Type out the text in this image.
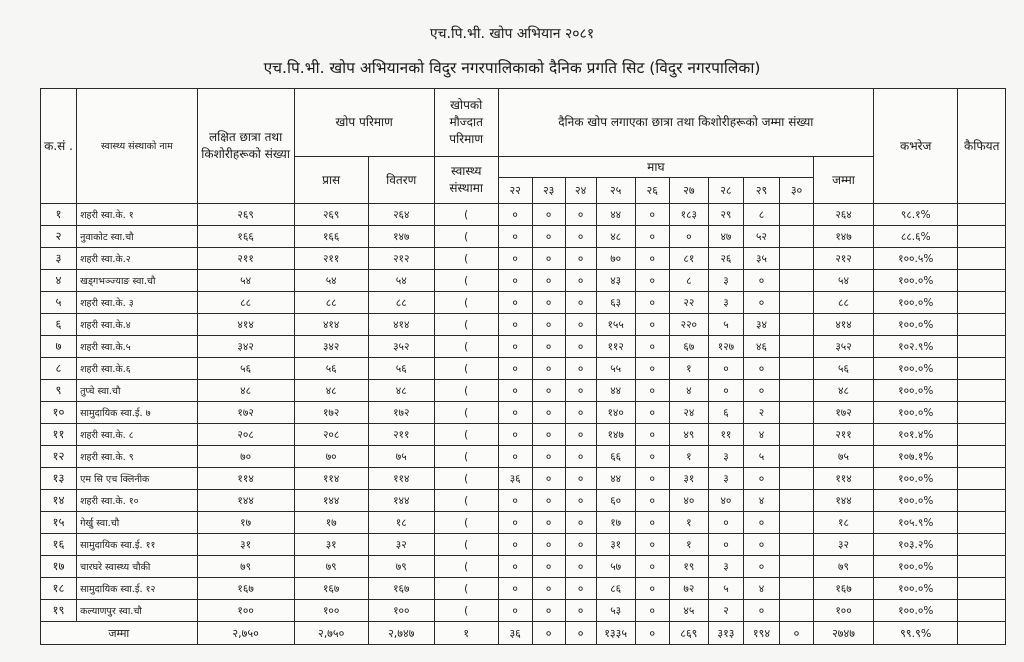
एच.पि.भी. खोप अभियान २०८१
एच.पि.भी. खोप अभियानको विदुर नगरपालिकाको दैनिक प्रगति सिट (विदुर नगरपालिका)
क.सं .	स्वास्थ्य संस्थाको नाम	लक्षित छात्रा तथा किशोरीहरूको संख्या	खोप परिमाण		खोपको मौज्दात परिमाण	दैनिक खोप लगाएका छात्रा तथा किशोरीहरूको जम्मा संख्या										कभरेज	कैफियत
			प्रास	वितरण	स्वास्थ्य संस्थामा	माघ									जम्मा		
						२२	२३	२४	२५	२६	२७	२८	२९	३०			
१	शहरी स्वा.के. १	२६९	२६९	२६४	(	०	०	०	४४	०	१८३	२९	८		२६४	९८.१%	
२	नुवाकोट स्वा.चौ	१६६	१६६	१४७	(	०	०	०	४८	०	०	४७	५२		१४७	८८.६%	
३	शहरी स्वा.के.२	२११	२११	२१२	(	०	०	०	७०	०	८१	२६	३५		२१२	१००.५%	
४	खड्गभञ्ज्याङ स्वा.चौ	५४	५४	५४	(	०	०	०	४३	०	८	३	०		५४	१००.०%	
५	शहरी स्वा.के. ३	८८	८८	८८	(	०	०	०	६३	०	२२	३	०		८८	१००.०%	
६	शहरी स्वा.के.४	४१४	४१४	४१४	(	०	०	०	१५५	०	२२०	५	३४		४१४	१००.०%	
७	शहरी स्वा.के.५	३४२	३४२	३५२	(	०	०	०	११२	०	६७	१२७	४६		३५२	१०२.९%	
८	शहरी स्वा.के.६	५६	५६	५६	(	०	०	०	५५	०	१	०	०		५६	१००.०%	
९	तुप्चे स्वा.चौ	४८	४८	४८	(	०	०	०	४४	०	४	०	०		४८	१००.०%	
१०	सामुदायिक स्वा.ई. ७	१७२	१७२	१७२	(	०	०	०	१४०	०	२४	६	२		१७२	१००.०%	
११	शहरी स्वा.के. ८	२०८	२०८	२११	(	०	०	०	१४७	०	४९	११	४		२११	१०१.४%	
१२	शहरी स्वा.के. ९	७०	७०	७५	(	०	०	०	६६	०	१	३	५		७५	१०७.१%	
१३	एम सि एच क्लिनीक	११४	११४	११४	(	३६	०	०	४४	०	३१	३	०		११४	१००.०%	
१४	शहरी स्वा.के. १०	१४४	१४४	१४४	(	०	०	०	६०	०	४०	४०	४		१४४	१००.०%	
१५	गेर्खु स्वा.चौ	१७	१७	१८	(	०	०	०	१७	०	१	०	०		१८	१०५.९%	
१६	सामुदायिक स्वा.ई. ११	३१	३१	३२	(	०	०	०	३१	०	१	०	०		३२	१०३.२%	
१७	चारघरे स्वास्थ्य चौकी	७९	७९	७९	(	०	०	०	५७	०	१९	३	०		७९	१००.०%	
१८	सामुदायिक स्वा.ई. १२	१६७	१६७	१६७	(	०	०	०	८६	०	७२	५	४		१६७	१००.०%	
१९	कल्याणपुर स्वा.चौ	१००	१००	१००	(	०	०	०	५३	०	४५	२	०		१००	१००.०%	
जम्मा		२,७५०	२,७५०	२,७४७	१	३६	०	०	१३३५	०	८६९	३१३	१९४	०	२७४७	९९.९%	
